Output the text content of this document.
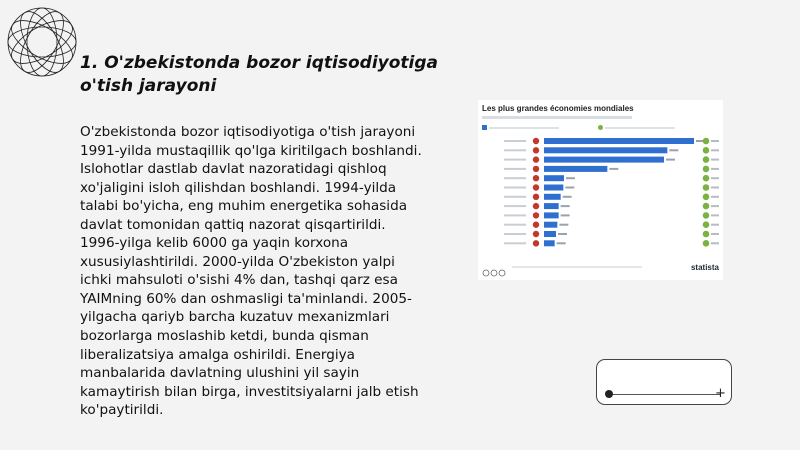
1. O'zbekistonda bozor iqtisodiyotiga o'tish jarayoni
O'zbekistonda bozor iqtisodiyotiga o'tish jarayoni 1991-yilda mustaqillik qo'lga kiritilgach boshlandi. Islohotlar dastlab davlat nazoratidagi qishloq xo'jaligini isloh qilishdan boshlandi. 1994-yilda talabi bo'yicha, eng muhim energetika sohasida davlat tomonidan qattiq nazorat qisqartirildi. 1996-yilga kelib 6000 ga yaqin korxona xususiylashtirildi. 2000-yilda O'zbekiston yalpi ichki mahsuloti o'sishi 4% dan, tashqi qarz esa YAIMning 60% dan oshmasligi ta'minlandi. 2005-yilgacha qariyb barcha kuzatuv mexanizmlari bozorlarga moslashib ketdi, bunda qisman liberalizatsiya amalga oshirildi. Energiya manbalarida davlatning ulushini yil sayin kamaytirish bilan birga, investitsiyalarni jalb etish ko'paytirildi.
Les plus grandes économies mondiales
statista
+
